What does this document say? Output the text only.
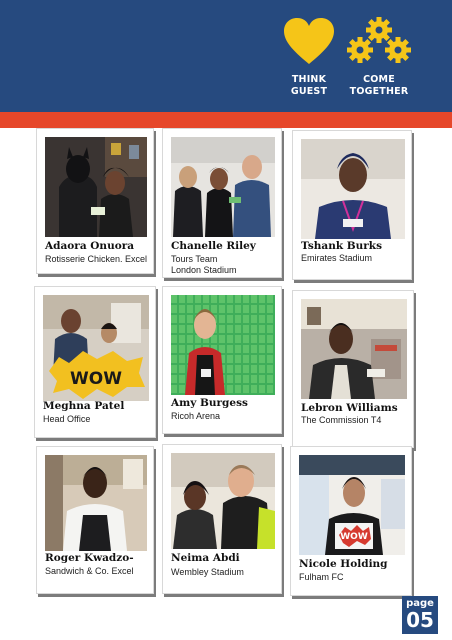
THINK
GUEST
COME
TOGETHER
Adaora Onuora
Rotisserie Chicken. Excel
Chanelle Riley
Tours Team
London Stadium
Tshank Burks
Emirates Stadium
WOW
Meghna Patel
Head Office
Amy Burgess
Ricoh Arena
Lebron Williams
The Commission T4
Roger Kwadzo-
Sandwich & Co. Excel
Neima Abdi
Wembley Stadium
WOW
Nicole Holding
Fulham FC
page
05
